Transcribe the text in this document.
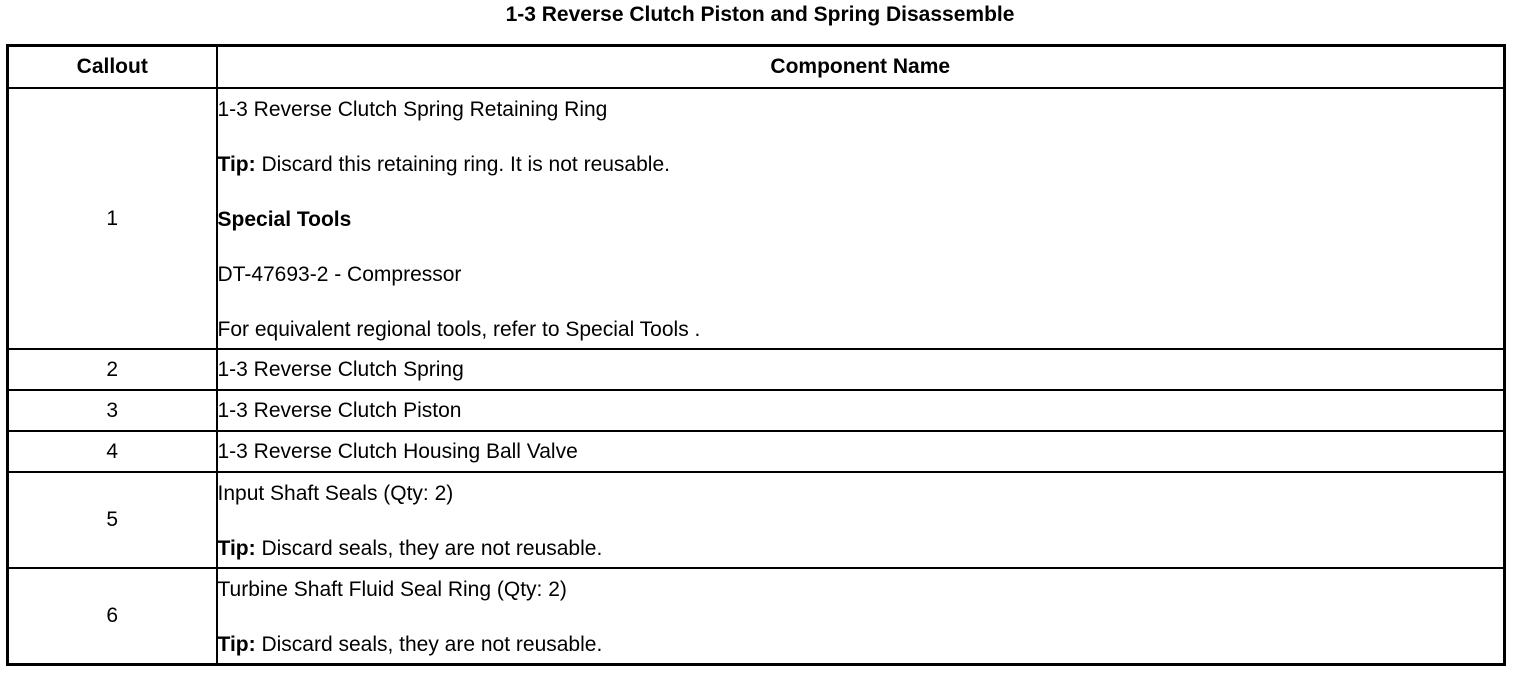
1-3 Reverse Clutch Piston and Spring Disassemble
Callout	Component Name
1	1-3 Reverse Clutch Spring Retaining Ring
Tip: Discard this retaining ring. It is not reusable.
Special Tools
DT-47693-2 - Compressor
For equivalent regional tools, refer to Special Tools .

2	1-3 Reverse Clutch Spring
3	1-3 Reverse Clutch Piston
4	1-3 Reverse Clutch Housing Ball Valve
5	Input Shaft Seals (Qty: 2)
Tip: Discard seals, they are not reusable.

6	Turbine Shaft Fluid Seal Ring (Qty: 2)
Tip: Discard seals, they are not reusable.
